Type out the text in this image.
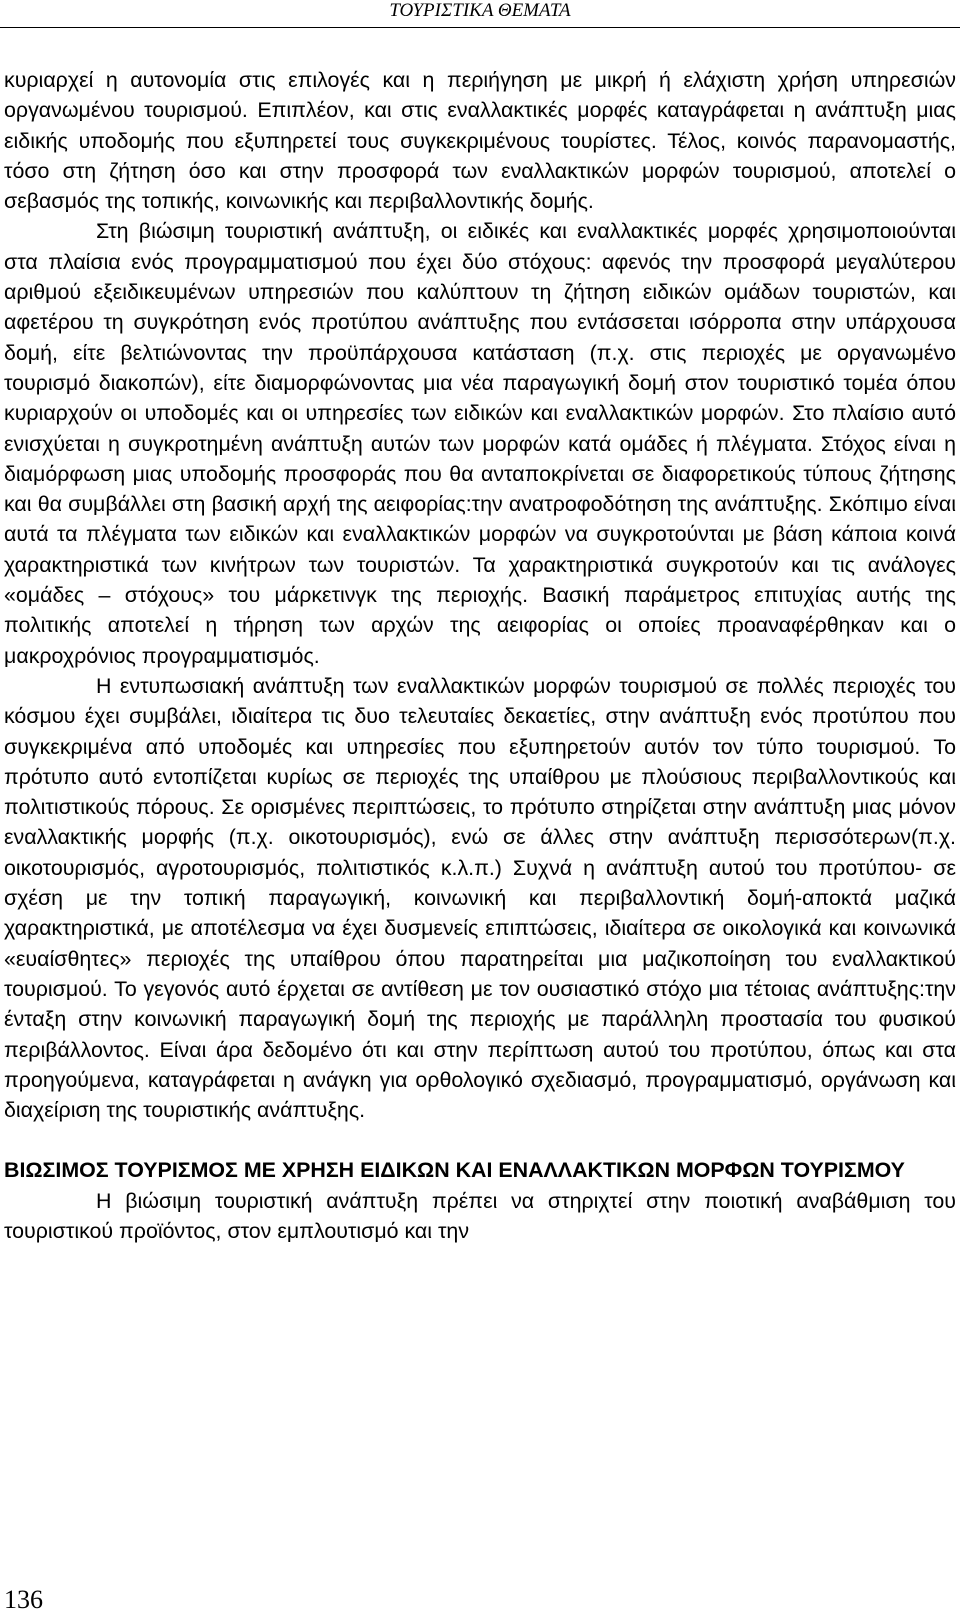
ΤΟΥΡΙΣΤΙΚΑ ΘΕΜΑΤΑ

κυριαρχεί η αυτονομία στις επιλογές και η περιήγηση με μικρή ή ελάχιστη χρήση υπηρεσιών οργανωμένου τουρισμού. Επιπλέον, και στις εναλλακτικές μορφές καταγράφεται η ανάπτυξη μιας ειδικής υποδομής που εξυπηρετεί τους συγκεκριμένους τουρίστες. Τέλος, κοινός παρανομαστής, τόσο στη ζήτηση όσο και στην προσφορά των εναλλακτικών μορφών τουρισμού, αποτελεί ο σεβασμός της τοπικής, κοινωνικής και περιβαλλοντικής δομής.

Στη βιώσιμη τουριστική ανάπτυξη, οι ειδικές και εναλλακτικές μορφές χρησιμοποιούνται στα πλαίσια ενός προγραμματισμού που έχει δύο στόχους: αφενός την προσφορά μεγαλύτερου αριθμού εξειδικευμένων υπηρεσιών που καλύπτουν τη ζήτηση ειδικών ομάδων τουριστών, και αφετέρου τη συγκρότηση ενός προτύπου ανάπτυξης που εντάσσεται ισόρροπα στην υπάρχουσα δομή, είτε βελτιώνοντας την προϋπάρχουσα κατάσταση (π.χ. στις περιοχές με οργανωμένο τουρισμό διακοπών), είτε διαμορφώνοντας μια νέα παραγωγική δομή στον τουριστικό τομέα όπου κυριαρχούν οι υποδομές και οι υπηρεσίες των ειδικών και εναλλακτικών μορφών. Στο πλαίσιο αυτό ενισχύεται η συγκροτημένη ανάπτυξη αυτών των μορφών κατά ομάδες ή πλέγματα. Στόχος είναι η διαμόρφωση μιας υποδομής προσφοράς που θα ανταποκρίνεται σε διαφορετικούς τύπους ζήτησης και θα συμβάλλει στη βασική αρχή της αειφορίας:την ανατροφοδότηση της ανάπτυξης. Σκόπιμο είναι αυτά τα πλέγματα των ειδικών και εναλλακτικών μορφών να συγκροτούνται με βάση κάποια κοινά χαρακτηριστικά των κινήτρων των τουριστών. Τα χαρακτηριστικά συγκροτούν και τις ανάλογες «ομάδες – στόχους» του μάρκετινγκ της περιοχής. Βασική παράμετρος επιτυχίας αυτής της πολιτικής αποτελεί η τήρηση των αρχών της αειφορίας οι οποίες προαναφέρθηκαν και ο μακροχρόνιος προγραμματισμός.

Η εντυπωσιακή ανάπτυξη των εναλλακτικών μορφών τουρισμού σε πολλές περιοχές του κόσμου έχει συμβάλει, ιδιαίτερα τις δυο τελευταίες δεκαετίες, στην ανάπτυξη ενός προτύπου που συγκεκριμένα από υποδομές και υπηρεσίες που εξυπηρετούν αυτόν τον τύπο τουρισμού. Το πρότυπο αυτό εντοπίζεται κυρίως σε περιοχές της υπαίθρου με πλούσιους περιβαλλοντικούς και πολιτιστικούς πόρους. Σε ορισμένες περιπτώσεις, το πρότυπο στηρίζεται στην ανάπτυξη μιας μόνον εναλλακτικής μορφής (π.χ. οικοτουρισμός), ενώ σε άλλες στην ανάπτυξη περισσότερων(π.χ. οικοτουρισμός, αγροτουρισμός, πολιτιστικός κ.λ.π.) Συχνά η ανάπτυξη αυτού του προτύπου- σε σχέση με την τοπική παραγωγική, κοινωνική και περιβαλλοντική δομή-αποκτά μαζικά χαρακτηριστικά, με αποτέλεσμα να έχει δυσμενείς επιπτώσεις, ιδιαίτερα σε οικολογικά και κοινωνικά «ευαίσθητες» περιοχές της υπαίθρου όπου παρατηρείται μια μαζικοποίηση του εναλλακτικού τουρισμού. Το γεγονός αυτό έρχεται σε αντίθεση με τον ουσιαστικό στόχο μια τέτοιας ανάπτυξης:την ένταξη στην κοινωνική παραγωγική δομή της περιοχής με παράλληλη προστασία του φυσικού περιβάλλοντος. Είναι άρα δεδομένο ότι και στην περίπτωση αυτού του προτύπου, όπως και στα προηγούμενα, καταγράφεται η ανάγκη για ορθολογικό σχεδιασμό, προγραμματισμό, οργάνωση και διαχείριση της τουριστικής ανάπτυξης.

ΒΙΩΣΙΜΟΣ ΤΟΥΡΙΣΜΟΣ ΜΕ ΧΡΗΣΗ ΕΙΔΙΚΩΝ ΚΑΙ ΕΝΑΛΛΑΚΤΙΚΩΝ ΜΟΡΦΩΝ ΤΟΥΡΙΣΜΟΥ

Η βιώσιμη τουριστική ανάπτυξη πρέπει να στηριχτεί στην ποιοτική αναβάθμιση του τουριστικού προϊόντος, στον εμπλουτισμό και την

136
